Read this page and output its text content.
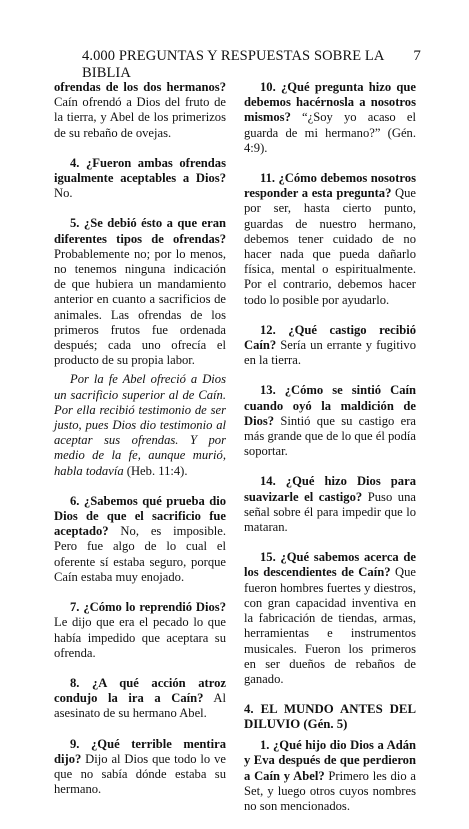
4.000 PREGUNTAS Y RESPUESTAS SOBRE LA BIBLIA
7

ofrendas de los dos hermanos? Caín ofrendó a Dios del fruto de la tierra, y Abel de los primerizos de su rebaño de ovejas.

4. ¿Fueron ambas ofrendas igualmente aceptables a Dios? No.

5. ¿Se debió ésto a que eran diferentes tipos de ofrendas? Probablemente no; por lo menos, no tenemos ninguna indicación de que hubiera un mandamiento anterior en cuanto a sacrificios de animales. Las ofrendas de los primeros frutos fue ordenada después; cada uno ofrecía el producto de su propia labor.

Por la fe Abel ofreció a Dios un sacrificio superior al de Caín. Por ella recibió testimonio de ser justo, pues Dios dio testimonio al aceptar sus ofrendas. Y por medio de la fe, aunque murió, habla todavía (Heb. 11:4).

6. ¿Sabemos qué prueba dio Dios de que el sacrificio fue aceptado? No, es imposible. Pero fue algo de lo cual el oferente sí estaba seguro, porque Caín estaba muy enojado.

7. ¿Cómo lo reprendió Dios? Le dijo que era el pecado lo que había impedido que aceptara su ofrenda.

8. ¿A qué acción atroz condujo la ira a Caín? Al asesinato de su hermano Abel.

9. ¿Qué terrible mentira dijo? Dijo al Dios que todo lo ve que no sabía dónde estaba su hermano.

10. ¿Qué pregunta hizo que debemos hacérnosla a nosotros mismos? “¿Soy yo acaso el guarda de mi hermano?” (Gén. 4:9).

11. ¿Cómo debemos nosotros responder a esta pregunta? Que por ser, hasta cierto punto, guardas de nuestro hermano, debemos tener cuidado de no hacer nada que pueda dañarlo física, mental o espiritualmente. Por el contrario, debemos hacer todo lo posible por ayudarlo.

12. ¿Qué castigo recibió Caín? Sería un errante y fugitivo en la tierra.

13. ¿Cómo se sintió Caín cuando oyó la maldición de Dios? Sintió que su castigo era más grande que de lo que él podía soportar.

14. ¿Qué hizo Dios para suavizarle el castigo? Puso una señal sobre él para impedir que lo mataran.

15. ¿Qué sabemos acerca de los descendientes de Caín? Que fueron hombres fuertes y diestros, con gran capacidad inventiva en la fabricación de tiendas, armas, herramientas e instrumentos musicales. Fueron los primeros en ser dueños de rebaños de ganado.

4. EL MUNDO ANTES DEL DILUVIO (Gén. 5)

1. ¿Qué hijo dio Dios a Adán y Eva después de que perdieron a Caín y Abel? Primero les dio a Set, y luego otros cuyos nombres no son mencionados.
